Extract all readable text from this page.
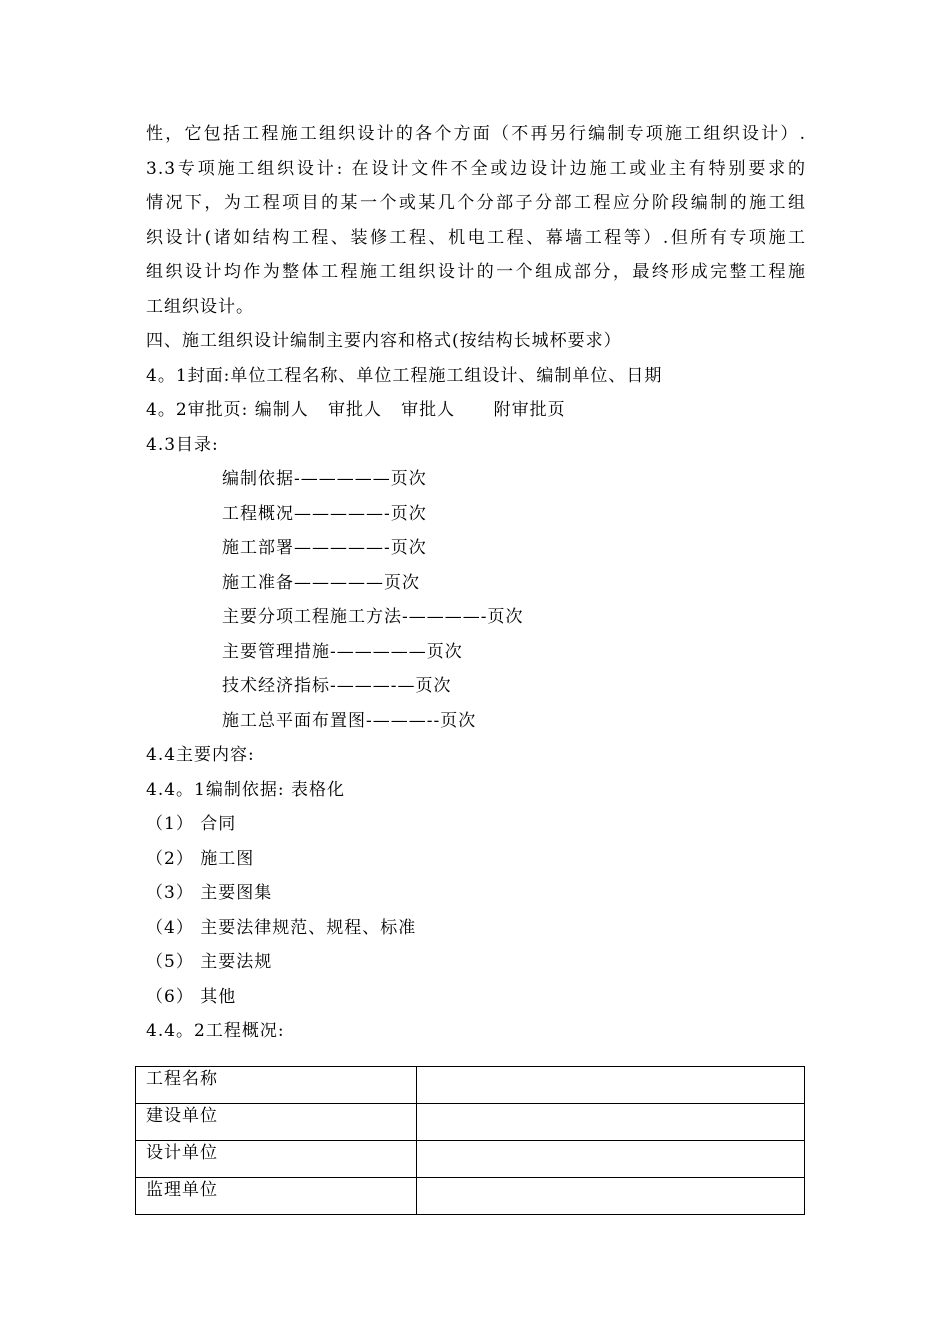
性，它包括工程施工组织设计的各个方面（不再另行编制专项施工组织设计）.
3.3专项施工组织设计: 在设计文件不全或边设计边施工或业主有特别要求的
情况下，为工程项目的某一个或某几个分部子分部工程应分阶段编制的施工组
织设计(诸如结构工程、装修工程、机电工程、幕墙工程等）.但所有专项施工
组织设计均作为整体工程施工组织设计的一个组成部分，最终形成完整工程施
工组织设计。
四、施工组织设计编制主要内容和格式(按结构长城杯要求）
4。1封面:单位工程名称、单位工程施工组设计、编制单位、日期
4。2审批页: 编制人   审批人   审批人      附审批页
4.3目录:
编制依据-—————页次
工程概况—————-页次
施工部署—————-页次
施工准备—————页次
主要分项工程施工方法-————-页次
主要管理措施-—————页次
技术经济指标-———-—页次
施工总平面布置图-———--页次
4.4主要内容:
4.4。1编制依据: 表格化
（1） 合同
（2） 施工图
（3） 主要图集
（4） 主要法律规范、规程、标准
（5） 主要法规
（6） 其他
4.4。2工程概况:
工程名称	
建设单位	
设计单位	
监理单位	
